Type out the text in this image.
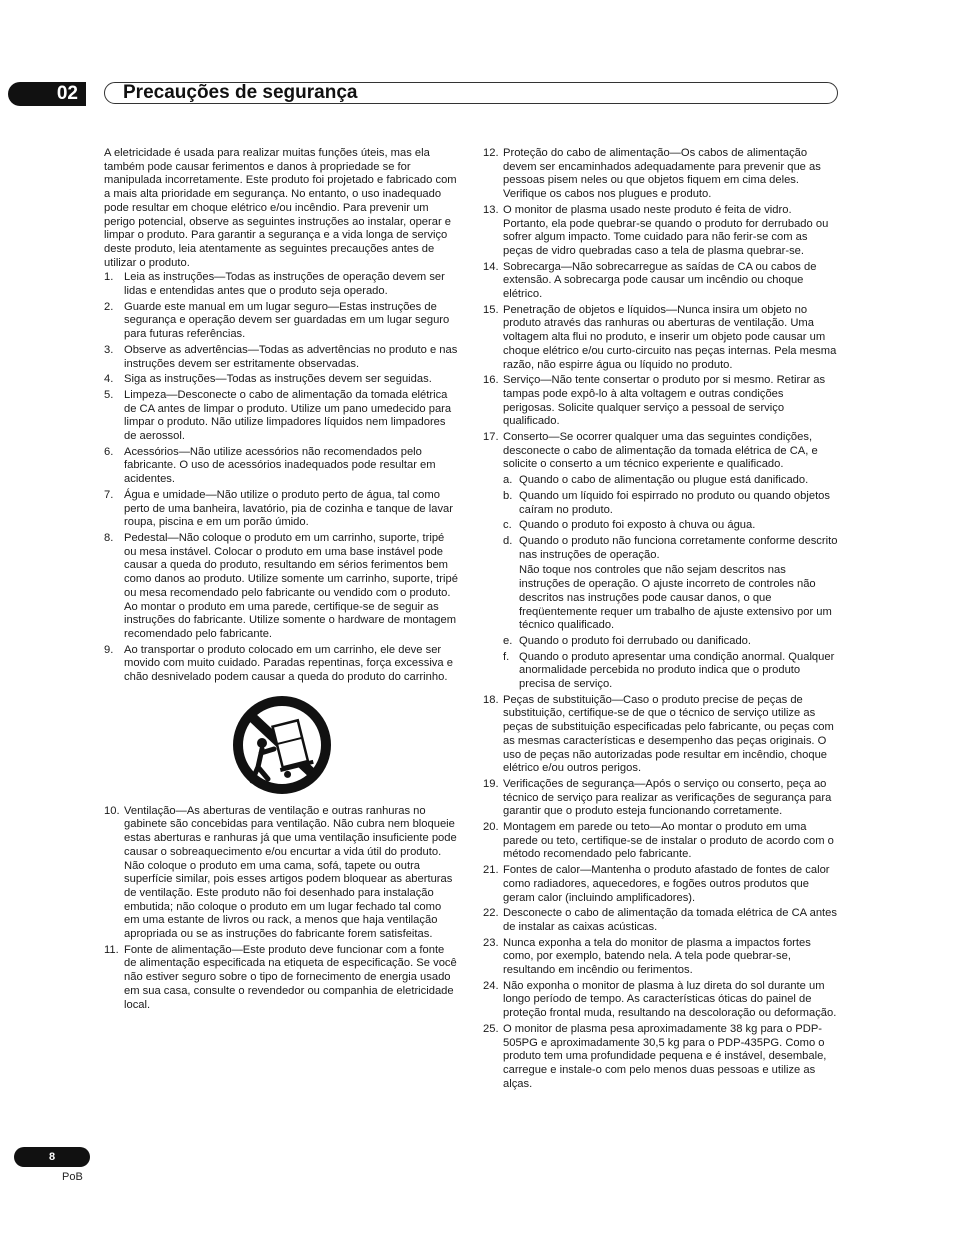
02	Precauções de segurança

A eletricidade é usada para realizar muitas funções úteis, mas ela também pode causar ferimentos e danos à propriedade se for manipulada incorretamente. Este produto foi projetado e fabricado com a mais alta prioridade em segurança. No entanto, o uso inadequado pode resultar em choque elétrico e/ou incêndio. Para prevenir um perigo potencial, observe as seguintes instruções ao instalar, operar e limpar o produto. Para garantir a segurança e a vida longa de serviço deste produto, leia atentamente as seguintes precauções antes de utilizar o produto.

1. Leia as instruções—Todas as instruções de operação devem ser lidas e entendidas antes que o produto seja operado.
2. Guarde este manual em um lugar seguro—Estas instruções de segurança e operação devem ser guardadas em um lugar seguro para futuras referências.
3. Observe as advertências—Todas as advertências no produto e nas instruções devem ser estritamente observadas.
4. Siga as instruções—Todas as instruções devem ser seguidas.
5. Limpeza—Desconecte o cabo de alimentação da tomada elétrica de CA antes de limpar o produto. Utilize um pano umedecido para limpar o produto. Não utilize limpadores líquidos nem limpadores de aerossol.
6. Acessórios—Não utilize acessórios não recomendados pelo fabricante. O uso de acessórios inadequados pode resultar em acidentes.
7. Água e umidade—Não utilize o produto perto de água, tal como perto de uma banheira, lavatório, pia de cozinha e tanque de lavar roupa, piscina e em um porão úmido.
8. Pedestal—Não coloque o produto em um carrinho, suporte, tripé ou mesa instável. Colocar o produto em uma base instável pode causar a queda do produto, resultando em sérios ferimentos bem como danos ao produto. Utilize somente um carrinho, suporte, tripé ou mesa recomendado pelo fabricante ou vendido com o produto. Ao montar o produto em uma parede, certifique-se de seguir as instruções do fabricante. Utilize somente o hardware de montagem recomendado pelo fabricante.
9. Ao transportar o produto colocado em um carrinho, ele deve ser movido com muito cuidado. Paradas repentinas, força excessiva e chão desnivelado podem causar a queda do produto do carrinho.
10. Ventilação—As aberturas de ventilação e outras ranhuras no gabinete são concebidas para ventilação. Não cubra nem bloqueie estas aberturas e ranhuras já que uma ventilação insuficiente pode causar o sobreaquecimento e/ou encurtar a vida útil do produto. Não coloque o produto em uma cama, sofá, tapete ou outra superfície similar, pois esses artigos podem bloquear as aberturas de ventilação. Este produto não foi desenhado para instalação embutida; não coloque o produto em um lugar fechado tal como em uma estante de livros ou rack, a menos que haja ventilação apropriada ou se as instruções do fabricante forem satisfeitas.
11. Fonte de alimentação—Este produto deve funcionar com a fonte de alimentação especificada na etiqueta de especificação. Se você não estiver seguro sobre o tipo de fornecimento de energia usado em sua casa, consulte o revendedor ou companhia de eletricidade local.
12. Proteção do cabo de alimentação—Os cabos de alimentação devem ser encaminhados adequadamente para prevenir que as pessoas pisem neles ou que objetos fiquem em cima deles. Verifique os cabos nos plugues e produto.
13. O monitor de plasma usado neste produto é feita de vidro. Portanto, ela pode quebrar-se quando o produto for derrubado ou sofrer algum impacto. Tome cuidado para não ferir-se com as peças de vidro quebradas caso a tela de plasma quebrar-se.
14. Sobrecarga—Não sobrecarregue as saídas de CA ou cabos de extensão. A sobrecarga pode causar um incêndio ou choque elétrico.
15. Penetração de objetos e líquidos—Nunca insira um objeto no produto através das ranhuras ou aberturas de ventilação. Uma voltagem alta flui no produto, e inserir um objeto pode causar um choque elétrico e/ou curto-circuito nas peças internas. Pela mesma razão, não espirre água ou líquido no produto.
16. Serviço—Não tente consertar o produto por si mesmo. Retirar as tampas pode expô-lo à alta voltagem e outras condições perigosas. Solicite qualquer serviço a pessoal de serviço qualificado.
17. Conserto—Se ocorrer qualquer uma das seguintes condições, desconecte o cabo de alimentação da tomada elétrica de CA, e solicite o conserto a um técnico experiente e qualificado.
a. Quando o cabo de alimentação ou plugue está danificado.
b. Quando um líquido foi espirrado no produto ou quando objetos caíram no produto.
c. Quando o produto foi exposto à chuva ou água.
d. Quando o produto não funciona corretamente conforme descrito nas instruções de operação.
Não toque nos controles que não sejam descritos nas instruções de operação. O ajuste incorreto de controles não descritos nas instruções pode causar danos, o que freqüentemente requer um trabalho de ajuste extensivo por um técnico qualificado.
e. Quando o produto foi derrubado ou danificado.
f. Quando o produto apresentar uma condição anormal. Qualquer anormalidade percebida no produto indica que o produto precisa de serviço.
18. Peças de substituição—Caso o produto precise de peças de substituição, certifique-se de que o técnico de serviço utilize as peças de substituição especificadas pelo fabricante, ou peças com as mesmas características e desempenho das peças originais. O uso de peças não autorizadas pode resultar em incêndio, choque elétrico e/ou outros perigos.
19. Verificações de segurança—Após o serviço ou conserto, peça ao técnico de serviço para realizar as verificações de segurança para garantir que o produto esteja funcionando corretamente.
20. Montagem em parede ou teto—Ao montar o produto em uma parede ou teto, certifique-se de instalar o produto de acordo com o método recomendado pelo fabricante.
21. Fontes de calor—Mantenha o produto afastado de fontes de calor como radiadores, aquecedores, e fogões outros produtos que geram calor (incluindo amplificadores).
22. Desconecte o cabo de alimentação da tomada elétrica de CA antes de instalar as caixas acústicas.
23. Nunca exponha a tela do monitor de plasma a impactos fortes como, por exemplo, batendo nela. A tela pode quebrar-se, resultando em incêndio ou ferimentos.
24. Não exponha o monitor de plasma à luz direta do sol durante um longo período de tempo. As características óticas do painel de proteção frontal muda, resultando na descoloração ou deformação.
25. O monitor de plasma pesa aproximadamente 38 kg para o PDP-505PG e aproximadamente 30,5 kg para o PDP-435PG. Como o produto tem uma profundidade pequena e é instável, desembale, carregue e instale-o com pelo menos duas pessoas e utilize as alças.
8
PoB
